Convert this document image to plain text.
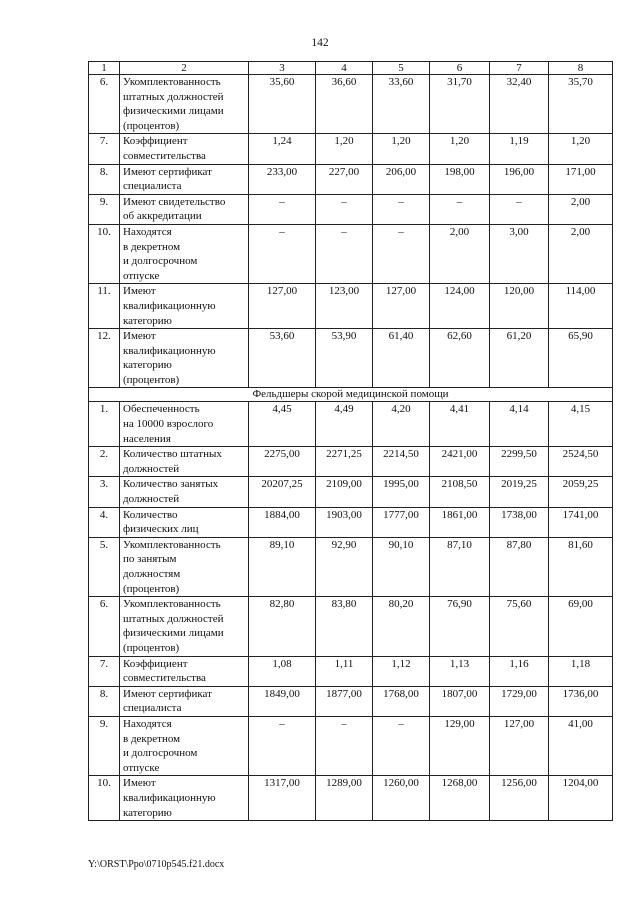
142
1	2	3	4	5	6	7	8
6.	Укомплектованность
штатных должностей
физическими лицами
(процентов)	35,60	36,60	33,60	31,70	32,40	35,70
7.	Коэффициент
совместительства	1,24	1,20	1,20	1,20	1,19	1,20
8.	Имеют сертификат
специалиста	233,00	227,00	206,00	198,00	196,00	171,00
9.	Имеют свидетельство
об аккредитации	–	–	–	–	–	2,00
10.	Находятся
в декретном
и долгосрочном
отпуске	–	–	–	2,00	3,00	2,00
11.	Имеют
квалификационную
категорию	127,00	123,00	127,00	124,00	120,00	114,00
12.	Имеют
квалификационную
категорию
(процентов)	53,60	53,90	61,40	62,60	61,20	65,90
Фельдшеры скорой медицинской помощи							
1.	Обеспеченность
на 10000 взрослого
населения	4,45	4,49	4,20	4,41	4,14	4,15
2.	Количество штатных
должностей	2275,00	2271,25	2214,50	2421,00	2299,50	2524,50
3.	Количество занятых
должностей	20207,25	2109,00	1995,00	2108,50	2019,25	2059,25
4.	Количество
физических лиц	1884,00	1903,00	1777,00	1861,00	1738,00	1741,00
5.	Укомплектованность
по занятым
должностям
(процентов)	89,10	92,90	90,10	87,10	87,80	81,60
6.	Укомплектованность
штатных должностей
физическими лицами
(процентов)	82,80	83,80	80,20	76,90	75,60	69,00
7.	Коэффициент
совместительства	1,08	1,11	1,12	1,13	1,16	1,18
8.	Имеют сертификат
специалиста	1849,00	1877,00	1768,00	1807,00	1729,00	1736,00
9.	Находятся
в декретном
и долгосрочном
отпуске	–	–	–	129,00	127,00	41,00
10.	Имеют
квалификационную
категорию	1317,00	1289,00	1260,00	1268,00	1256,00	1204,00
Y:\ORST\Ppo\0710p545.f21.docx
